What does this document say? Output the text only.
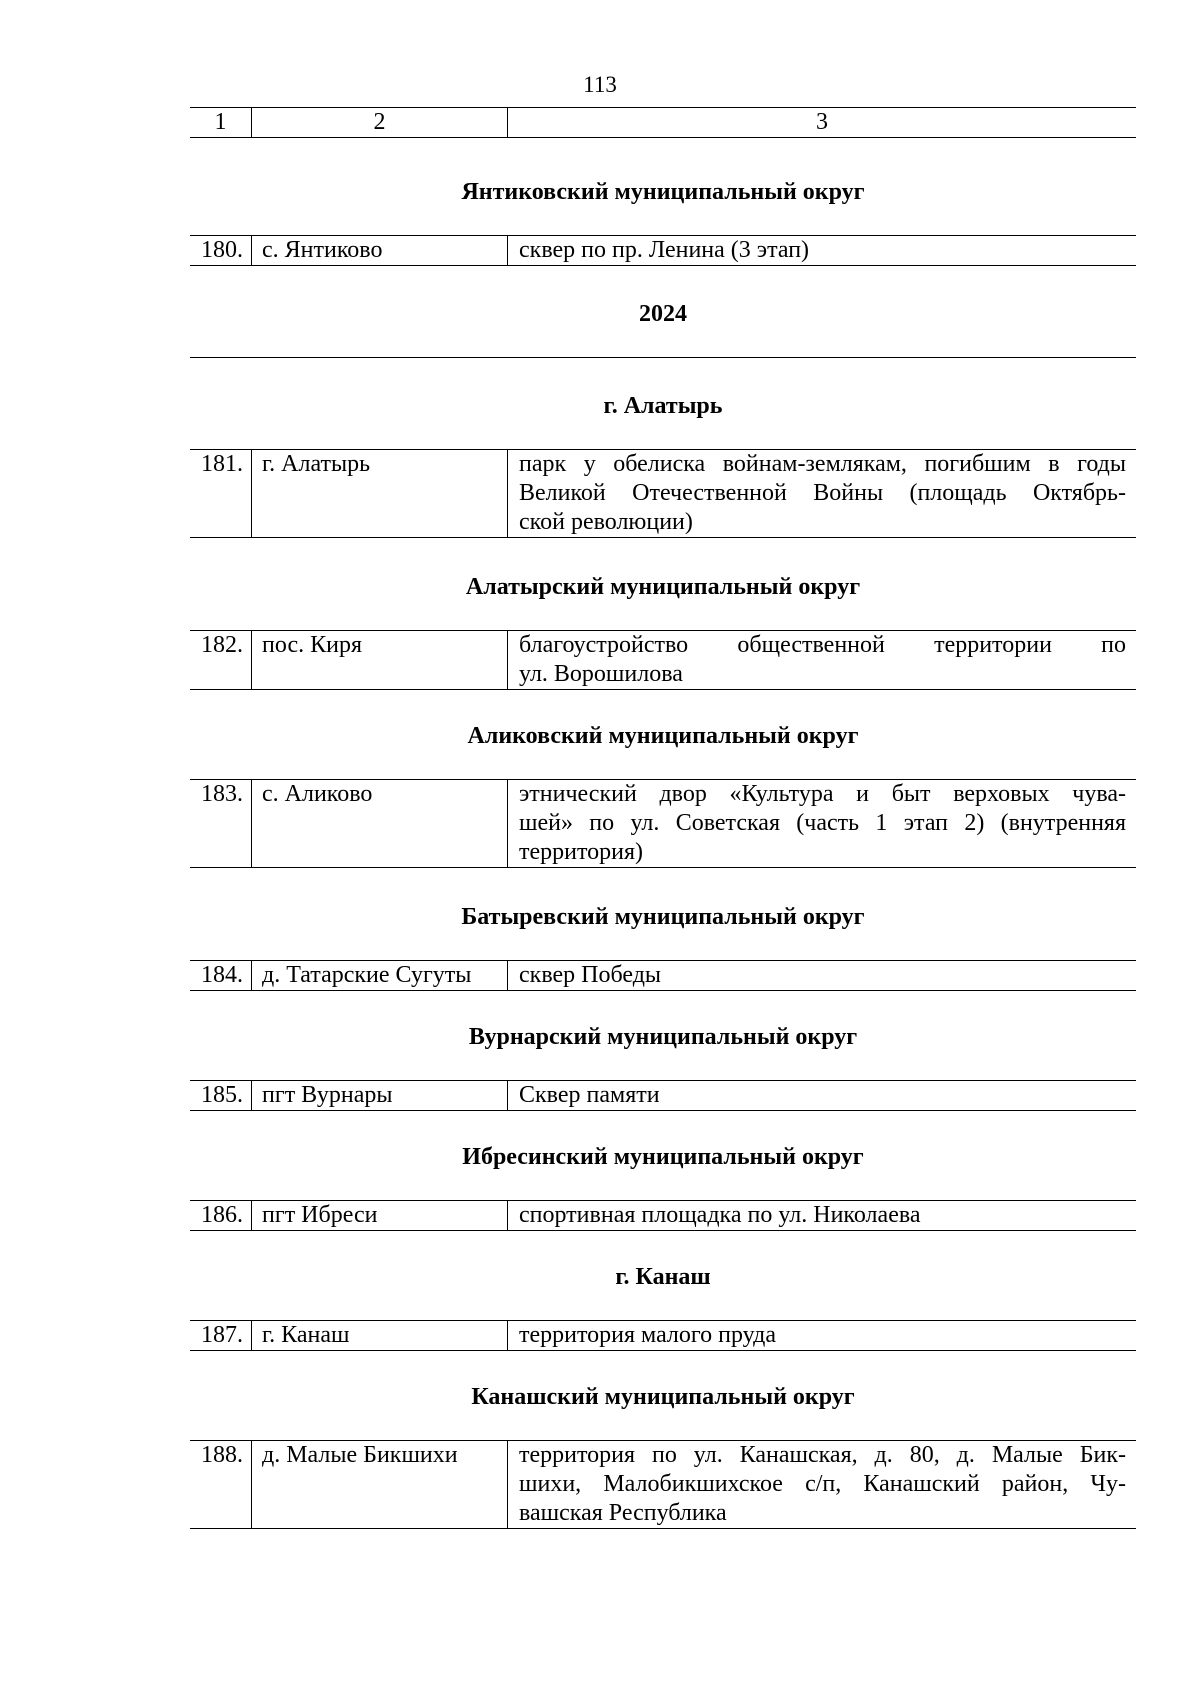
113
1	2	3
Янтиковский муниципальный округ
180. с. Янтиково	сквер по пр. Ленина (3 этап)
2024
г. Алатырь
181. г. Алатырь	парк у обелиска войнам-землякам, погибшим в годы
Великой Отечественной Войны (площадь Октябрь-
ской революции)
Алатырский муниципальный округ
182. пос. Киря	благоустройство общественной территории по
ул. Ворошилова
Аликовский муниципальный округ
183. с. Аликово	этнический двор «Культура и быт верховых чува-
шей» по ул. Советская (часть 1 этап 2) (внутренняя
территория)
Батыревский муниципальный округ
184. д. Татарские Сугуты	сквер Победы
Вурнарский муниципальный округ
185. пгт Вурнары	Сквер памяти
Ибресинский муниципальный округ
186. пгт Ибреси	спортивная площадка по ул. Николаева
г. Канаш
187. г. Канаш	территория малого пруда
Канашский муниципальный округ
188. д. Малые Бикшихи	территория по ул. Канашская, д. 80, д. Малые Бик-
шихи, Малобикшихское с/п, Канашский район, Чу-
вашская Республика
